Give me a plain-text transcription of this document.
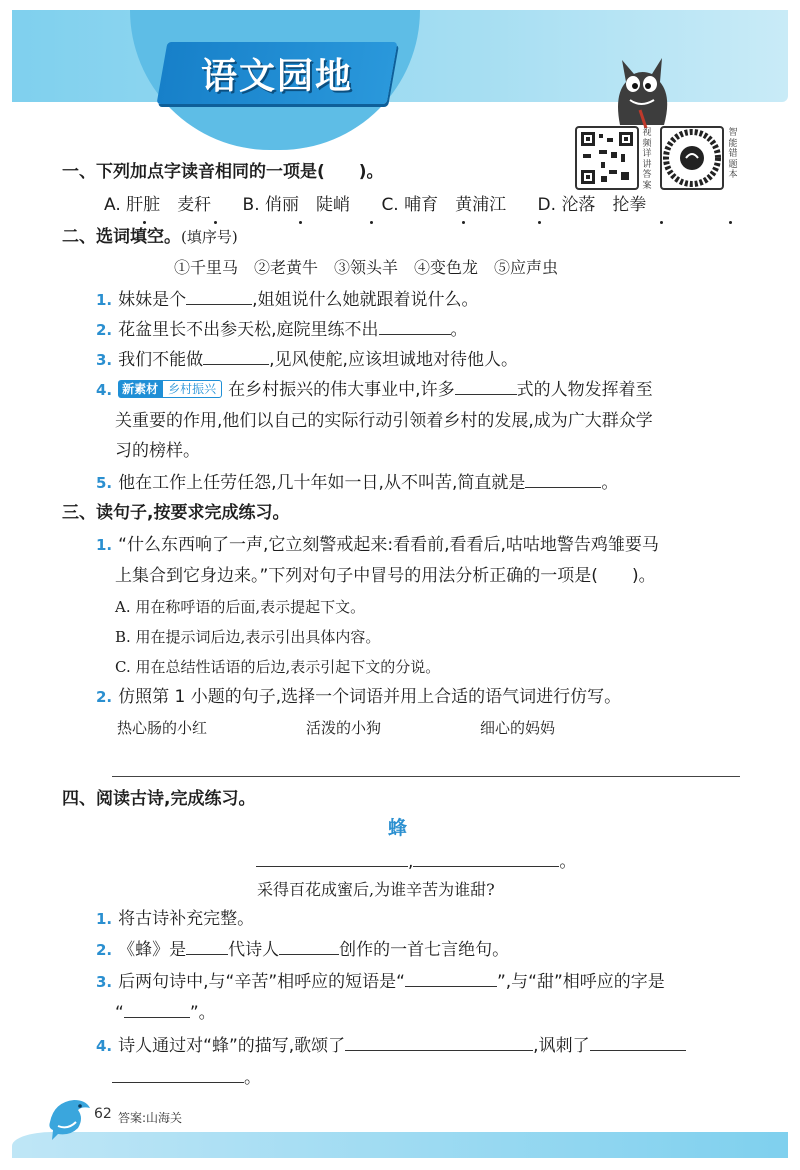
语文园地
视频详讲答案
智能错题本
一、下列加点字读音相同的一项是(　　)。
A. 肝脏　 麦秆 B. 俏丽　 陡峭 C. 哺育　 黄浦江 D. 沦落　 抡拳
二、选词填空。(填序号)
①千里马　②老黄牛　③领头羊　④变色龙　⑤应声虫
1. 妹妹是个	,姐姐说什么她就跟着说什么。
2. 花盆里长不出参天松,庭院里练不出	。
3. 我们不能做	,见风使舵,应该坦诚地对待他人。
4. 新素材 乡村振兴 在乡村振兴的伟大事业中,许多	式的人物发挥着至
关重要的作用,他们以自己的实际行动引领着乡村的发展,成为广大群众学
习的榜样。
5. 他在工作上任劳任怨,几十年如一日,从不叫苦,简直就是	。
三、读句子,按要求完成练习。
1. “什么东西响了一声,它立刻警戒起来:看看前,看看后,咕咕地警告鸡雏要马
上集合到它身边来。”下列对句子中冒号的用法分析正确的一项是(　　)。
A. 用在称呼语的后面,表示提起下文。
B. 用在提示词后边,表示引出具体内容。
C. 用在总结性话语的后边,表示引起下文的分说。
2. 仿照第 1 小题的句子,选择一个词语并用上合适的语气词进行仿写。
热心肠的小红	活泼的小狗	细心的妈妈
四、阅读古诗,完成练习。
蜂
,	。
采得百花成蜜后,为谁辛苦为谁甜?
1. 将古诗补充完整。
2. 《蜂》是 代诗人	创作的一首七言绝句。
3. 后两句诗中,与“辛苦”相呼应的短语是“	”,与“甜”相呼应的字是
“	”。
4. 诗人通过对“蜂”的描写,歌颂了	,讽刺了
。
62 答案:山海关
